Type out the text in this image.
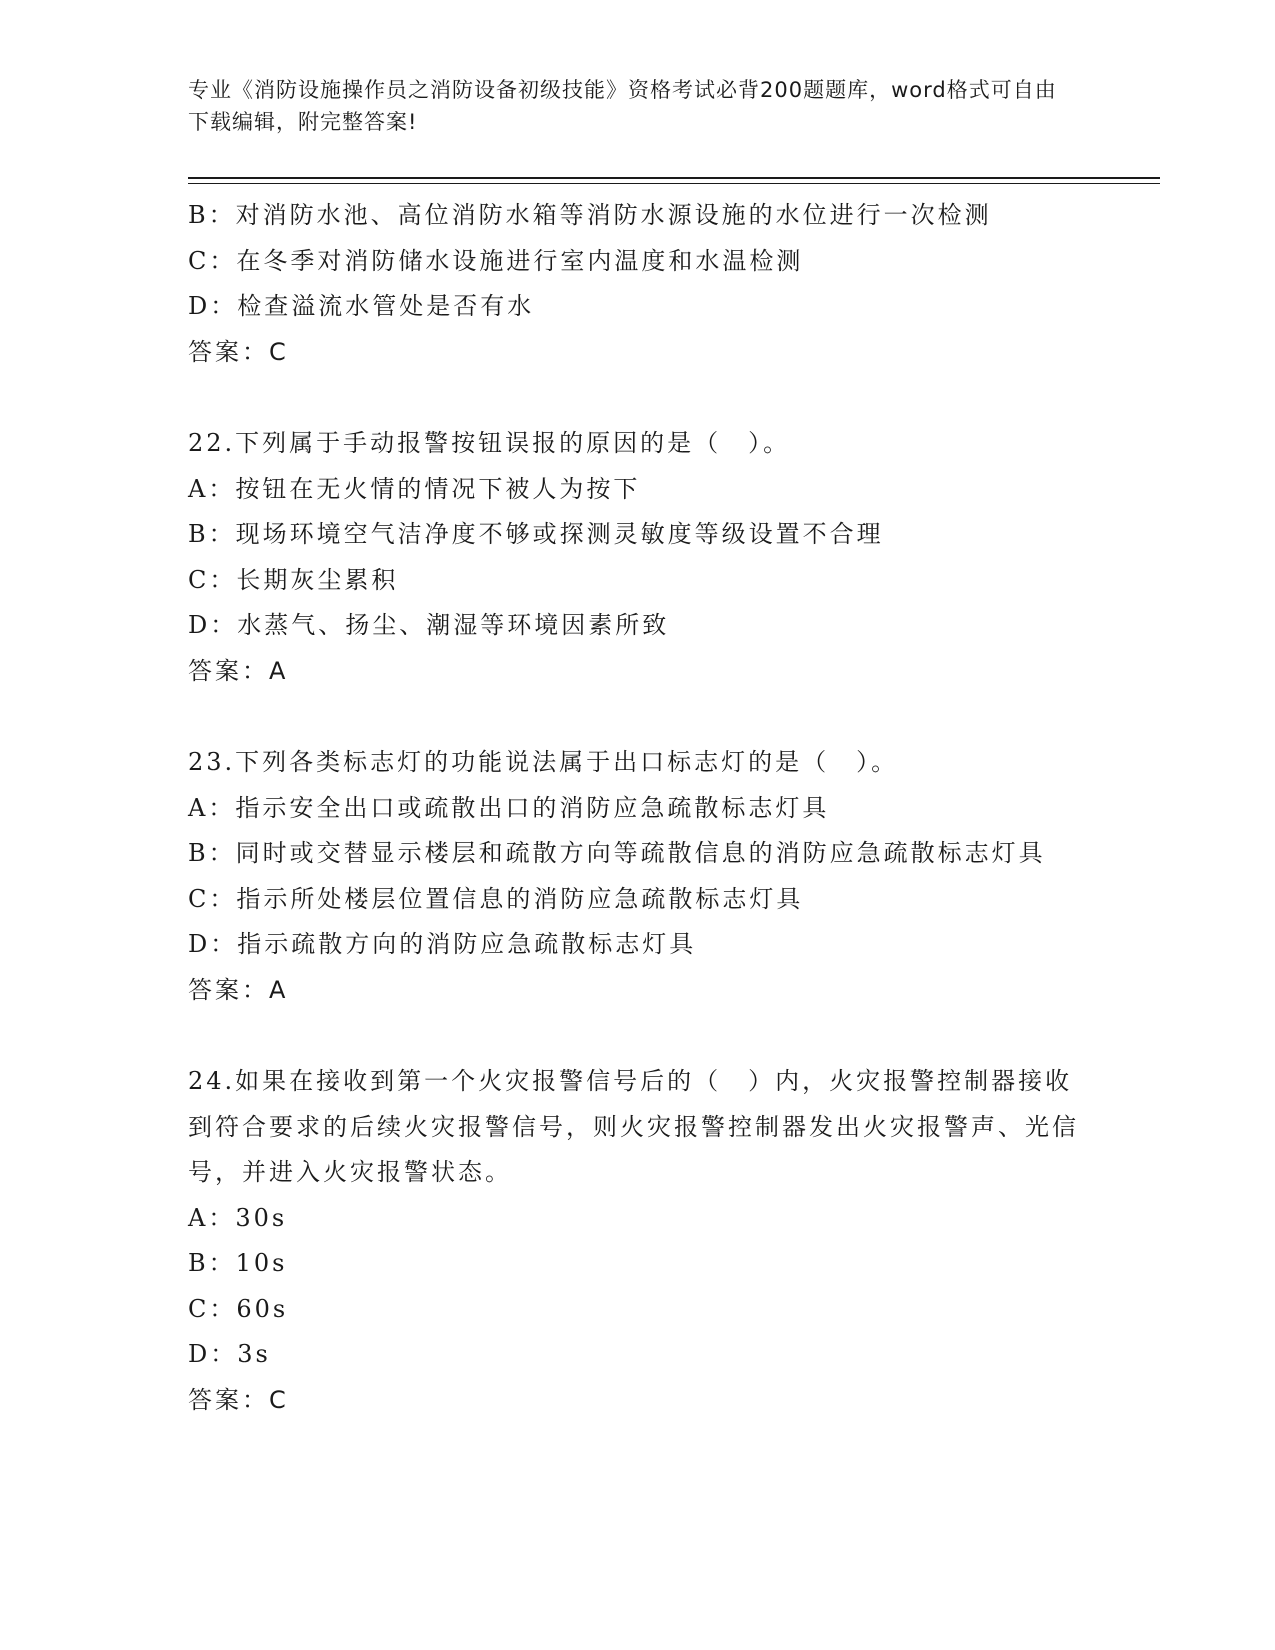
专业《消防设施操作员之消防设备初级技能》资格考试必背200题题库，word格式可自由下载编辑，附完整答案!
B：对消防水池、高位消防水箱等消防水源设施的水位进行一次检测
C：在冬季对消防储水设施进行室内温度和水温检测
D：检查溢流水管处是否有水
答案：C
22.下列属于手动报警按钮误报的原因的是（　）。
A：按钮在无火情的情况下被人为按下
B：现场环境空气洁净度不够或探测灵敏度等级设置不合理
C：长期灰尘累积
D：水蒸气、扬尘、潮湿等环境因素所致
答案：A
23.下列各类标志灯的功能说法属于出口标志灯的是（　）。
A：指示安全出口或疏散出口的消防应急疏散标志灯具
B：同时或交替显示楼层和疏散方向等疏散信息的消防应急疏散标志灯具
C：指示所处楼层位置信息的消防应急疏散标志灯具
D：指示疏散方向的消防应急疏散标志灯具
答案：A
24.如果在接收到第一个火灾报警信号后的（　）内，火灾报警控制器接收到符合要求的后续火灾报警信号，则火灾报警控制器发出火灾报警声、光信号，并进入火灾报警状态。
A：30s
B：10s
C：60s
D：3s
答案：C
